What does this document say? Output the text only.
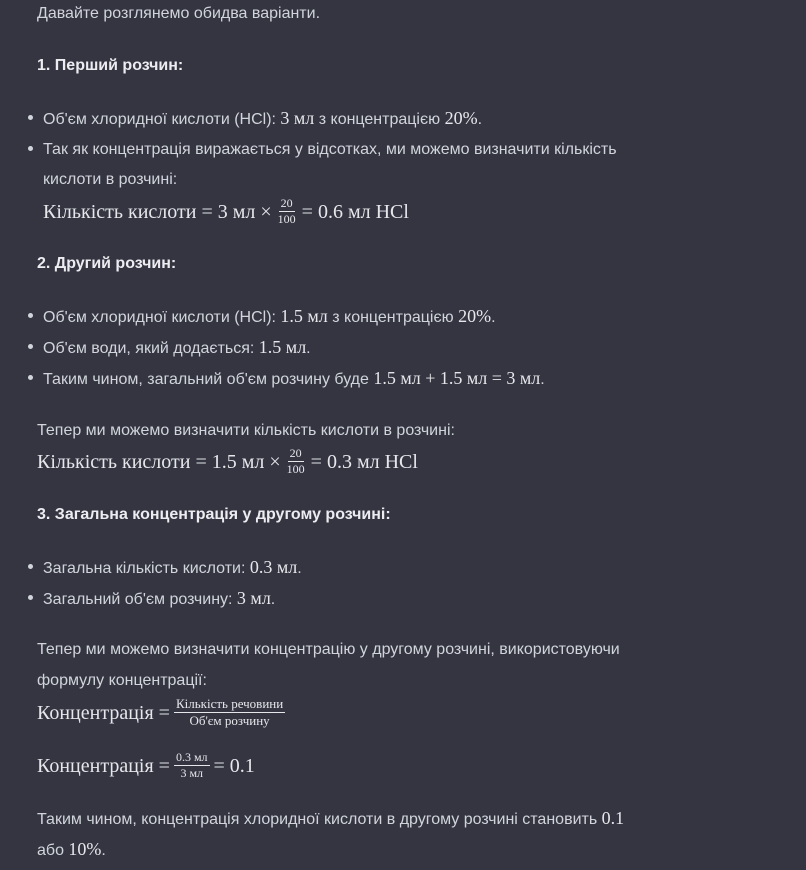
Давайте розглянемо обидва варіанти.
1. Перший розчин:
Об'єм хлоридної кислоти (HCl): 3 мл з концентрацією 20%.
Так як концентрація виражається у відсотках, ми можемо визначити кількість
кислоти в розчині:
Кількість кислоти = 3 мл × $\frac{20}{100} = 0.6$ мл HCl
2. Другий розчин:
Об'єм хлоридної кислоти (HCl): 1.5 мл з концентрацією 20%.
Об'єм води, який додається: 1.5 мл.
Таким чином, загальний об'єм розчину буде 1.5 мл + 1.5 мл = 3 мл.
Тепер ми можемо визначити кількість кислоти в розчині:
Кількість кислоти = 1.5 мл × $\frac{20}{100} = 0.3$ мл HCl
3. Загальна концентрація у другому розчині:
Загальна кількість кислоти: 0.3 мл.
Загальний об'єм розчину: 3 мл.
Тепер ми можемо визначити концентрацію у другому розчині, використовуючи
формулу концентрації:
Концентрація = $\frac{\text{Кількість речовини}}{\text{Об'єм розчину}}$
Концентрація = $\frac{0.3 мл}{3 мл} = 0.1$
Таким чином, концентрація хлоридної кислоти в другому розчині становить 0.1
або 10%.
